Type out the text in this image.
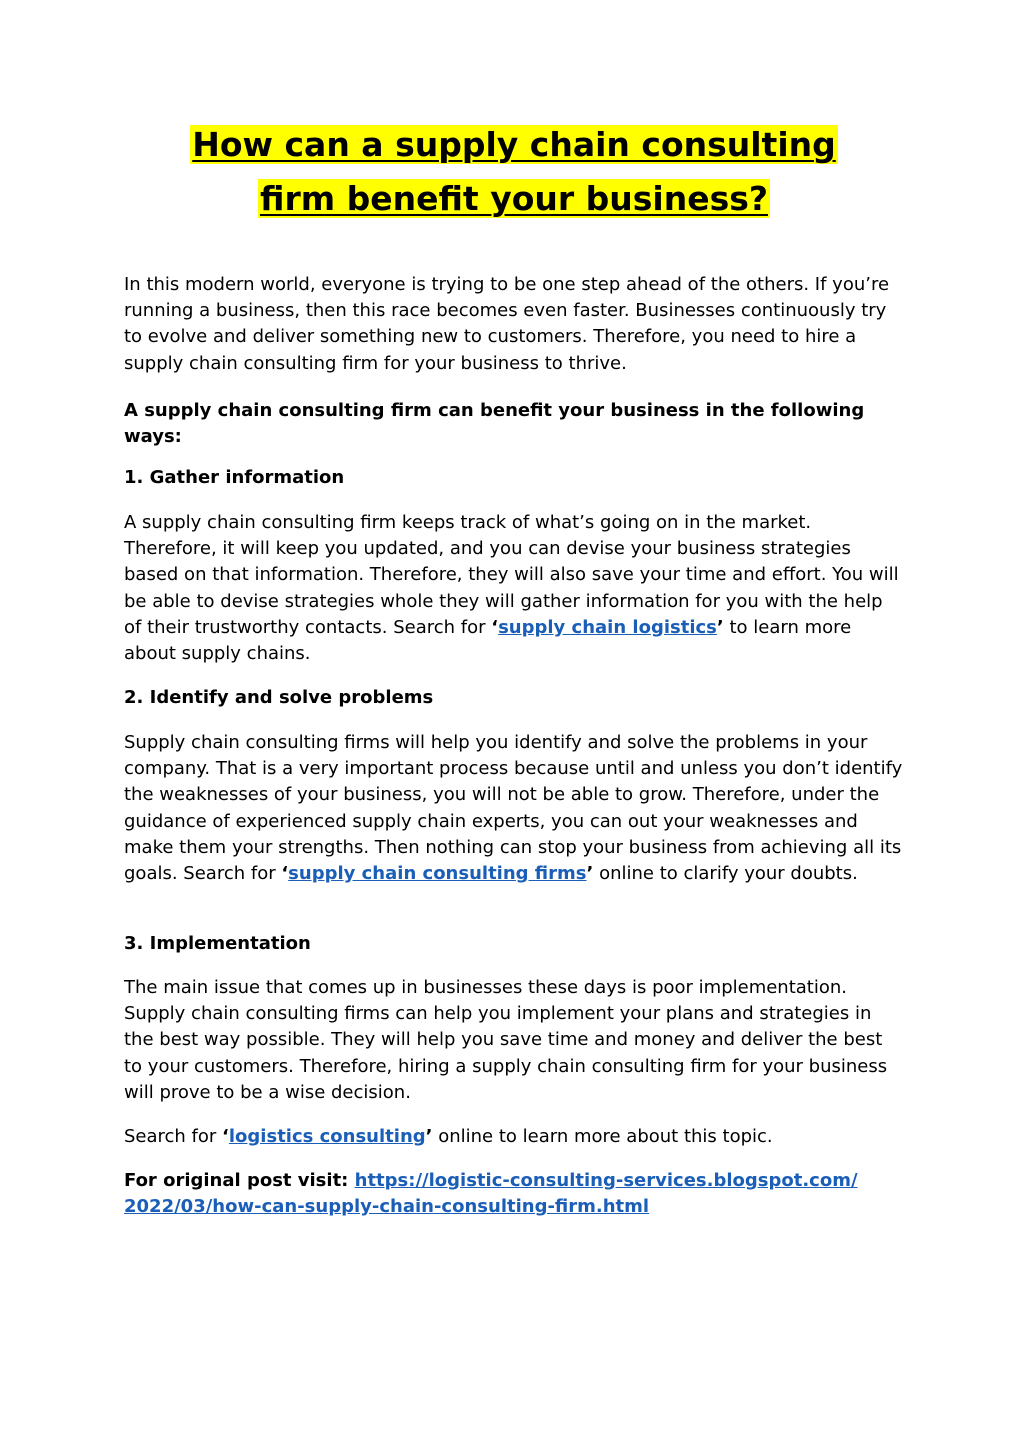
How can a supply chain consulting

firm benefit your business?

In this modern world, everyone is trying to be one step ahead of the others. If you’re running a business, then this race becomes even faster. Businesses continuously try to evolve and deliver something new to customers. Therefore, you need to hire a supply chain consulting firm for your business to thrive.

A supply chain consulting firm can benefit your business in the following ways:

1. Gather information

A supply chain consulting firm keeps track of what’s going on in the market. Therefore, it will keep you updated, and you can devise your business strategies based on that information. Therefore, they will also save your time and effort. You will be able to devise strategies whole they will gather information for you with the help of their trustworthy contacts. Search for ‘supply chain logistics’ to learn more about supply chains.

2. Identify and solve problems

Supply chain consulting firms will help you identify and solve the problems in your company. That is a very important process because until and unless you don’t identify the weaknesses of your business, you will not be able to grow. Therefore, under the guidance of experienced supply chain experts, you can out your weaknesses and make them your strengths. Then nothing can stop your business from achieving all its goals. Search for ‘supply chain consulting firms’ online to clarify your doubts.

3. Implementation

The main issue that comes up in businesses these days is poor implementation. Supply chain consulting firms can help you implement your plans and strategies in the best way possible. They will help you save time and money and deliver the best to your customers. Therefore, hiring a supply chain consulting firm for your business will prove to be a wise decision.

Search for ‘logistics consulting’ online to learn more about this topic.

For original post visit: https://logistic-consulting-services.blogspot.com/2022/03/how-can-supply-chain-consulting-firm.html
